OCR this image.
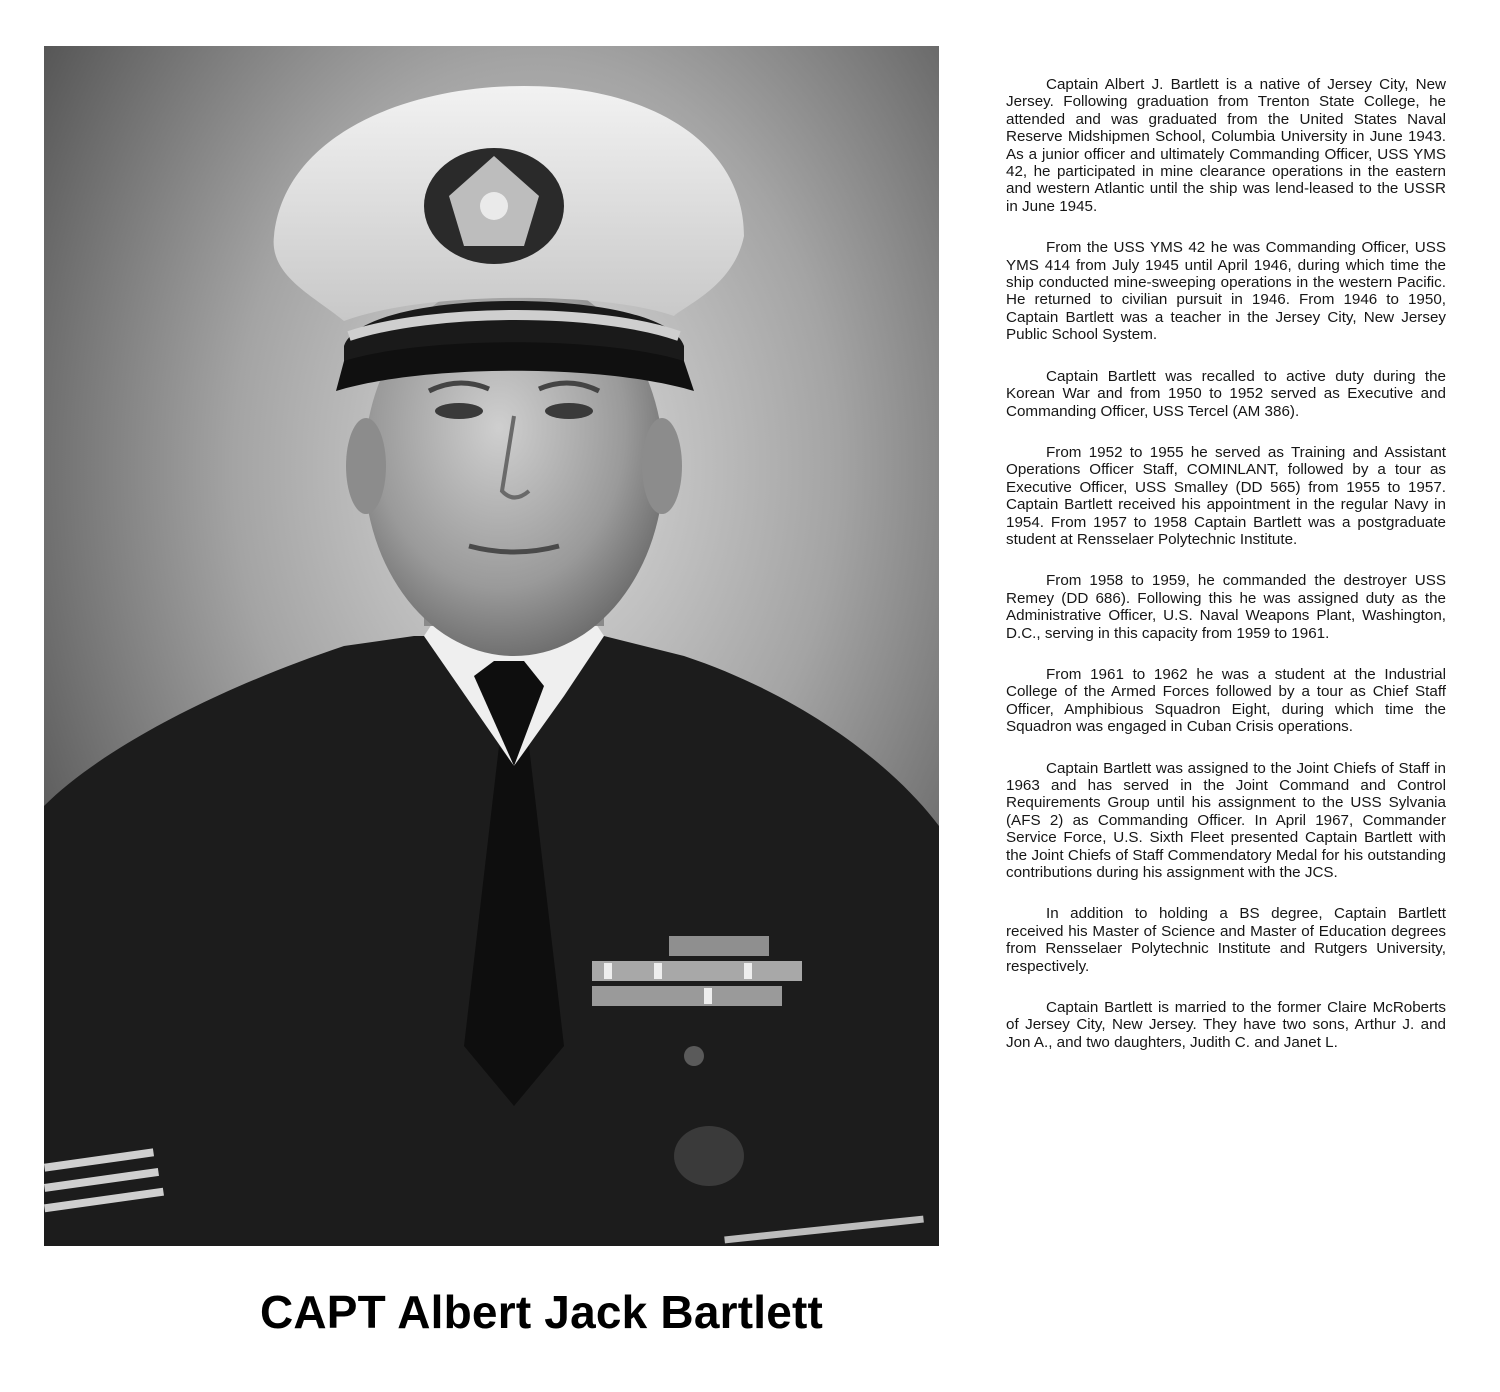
Captain Albert J. Bartlett is a native of Jersey City, New Jersey. Following graduation from Trenton State College, he attended and was graduated from the United States Naval Reserve Midshipmen School, Columbia University in June 1943. As a junior officer and ultimately Commanding Officer, USS YMS 42, he participated in mine clearance operations in the eastern and western Atlantic until the ship was lend-leased to the USSR in June 1945.

From the USS YMS 42 he was Commanding Officer, USS YMS 414 from July 1945 until April 1946, during which time the ship conducted mine-sweeping operations in the western Pacific. He returned to civilian pursuit in 1946. From 1946 to 1950, Captain Bartlett was a teacher in the Jersey City, New Jersey Public School System.

Captain Bartlett was recalled to active duty during the Korean War and from 1950 to 1952 served as Executive and Commanding Officer, USS Tercel (AM 386).

From 1952 to 1955 he served as Training and Assistant Operations Officer Staff, COMINLANT, followed by a tour as Executive Officer, USS Smalley (DD 565) from 1955 to 1957. Captain Bartlett received his appointment in the regular Navy in 1954. From 1957 to 1958 Captain Bartlett was a postgraduate student at Rensselaer Polytechnic Institute.

From 1958 to 1959, he commanded the destroyer USS Remey (DD 686). Following this he was assigned duty as the Administrative Officer, U.S. Naval Weapons Plant, Washington, D.C., serving in this capacity from 1959 to 1961.

From 1961 to 1962 he was a student at the Industrial College of the Armed Forces followed by a tour as Chief Staff Officer, Amphibious Squadron Eight, during which time the Squadron was engaged in Cuban Crisis operations.

Captain Bartlett was assigned to the Joint Chiefs of Staff in 1963 and has served in the Joint Command and Control Requirements Group until his assignment to the USS Sylvania (AFS 2) as Commanding Officer. In April 1967, Commander Service Force, U.S. Sixth Fleet presented Captain Bartlett with the Joint Chiefs of Staff Commendatory Medal for his outstanding contributions during his assignment with the JCS.

In addition to holding a BS degree, Captain Bartlett received his Master of Science and Master of Education degrees from Rensselaer Polytechnic Institute and Rutgers University, respectively.

Captain Bartlett is married to the former Claire McRoberts of Jersey City, New Jersey. They have two sons, Arthur J. and Jon A., and two daughters, Judith C. and Janet L.

CAPT Albert Jack Bartlett
